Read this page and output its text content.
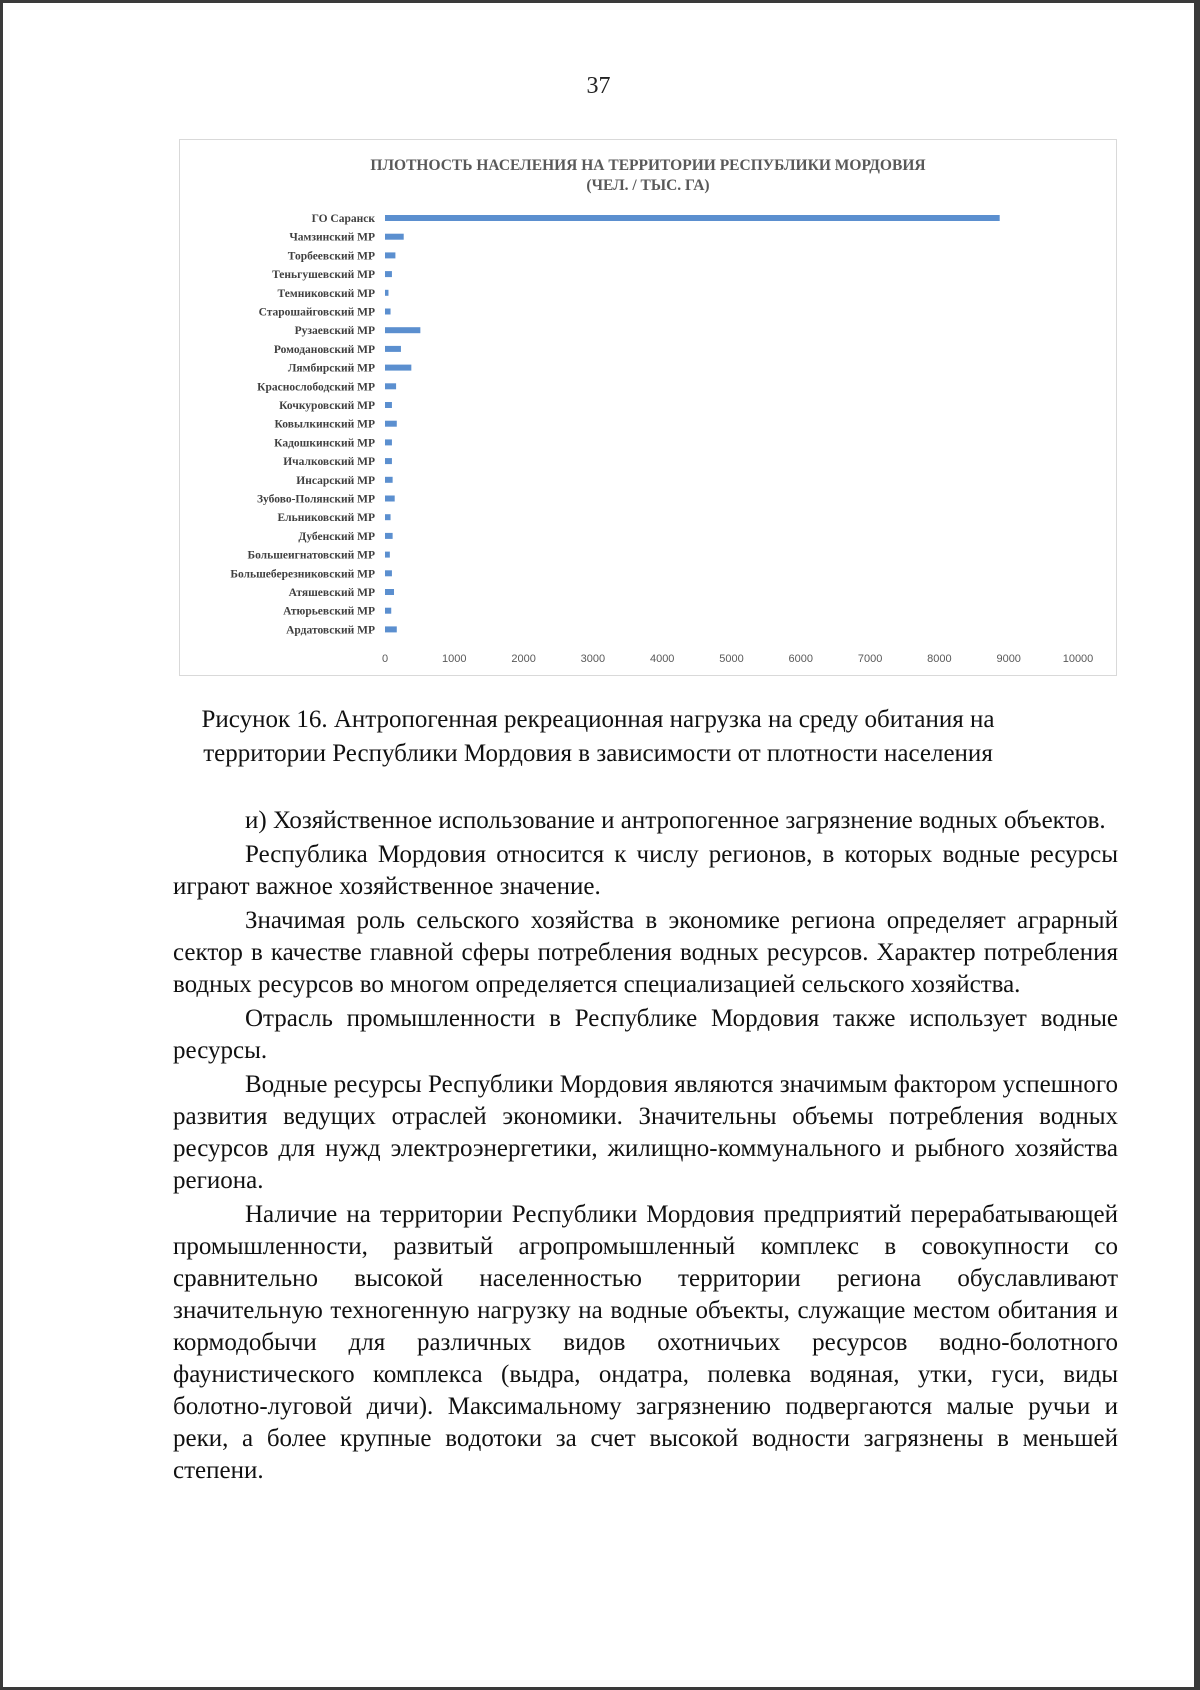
37
ПЛОТНОСТЬ НАСЕЛЕНИЯ НА ТЕРРИТОРИИ РЕСПУБЛИКИ МОРДОВИЯ
(ЧЕЛ. / ТЫС. ГА)
ГО Саранск
Чамзинский МР
Торбеевский МР
Теньгушевский МР
Темниковский МР
Старошайговский МР
Рузаевский МР
Ромодановский МР
Лямбирский МР
Краснослободский МР
Кочкуровский МР
Ковылкинский МР
Кадошкинский МР
Ичалковский МР
Инсарский МР
Зубово-Полянский МР
Ельниковский МР
Дубенский МР
Большеигнатовский МР
Большеберезниковский МР
Атяшевский МР
Атюрьевский МР
Ардатовский МР
0	1000	2000	3000	4000	5000	6000	7000	8000	9000	10000
Рисунок 16. Антропогенная рекреационная нагрузка на среду обитания на территории Республики Мордовия в зависимости от плотности населения

и) Хозяйственное использование и антропогенное загрязнение водных объектов.

Республика Мордовия относится к числу регионов, в которых водные ресурсы играют важное хозяйственное значение.

Значимая роль сельского хозяйства в экономике региона определяет аграрный сектор в качестве главной сферы потребления водных ресурсов. Характер потребления водных ресурсов во многом определяется специализацией сельского хозяйства.

Отрасль промышленности в Республике Мордовия также использует водные ресурсы.

Водные ресурсы Республики Мордовия являются значимым фактором успешного развития ведущих отраслей экономики. Значительны объемы потребления водных ресурсов для нужд электроэнергетики, жилищно-коммунального и рыбного хозяйства региона.

Наличие на территории Республики Мордовия предприятий перерабатывающей промышленности, развитый агропромышленный комплекс в совокупности со сравнительно высокой населенностью территории региона обуславливают значительную техногенную нагрузку на водные объекты, служащие местом обитания и кормодобычи для различных видов охотничьих ресурсов водно-болотного фаунистического комплекса (выдра, ондатра, полевка водяная, утки, гуси, виды болотно-луговой дичи). Максимальному загрязнению подвергаются малые ручьи и реки, а более крупные водотоки за счет высокой водности загрязнены в меньшей степени.
